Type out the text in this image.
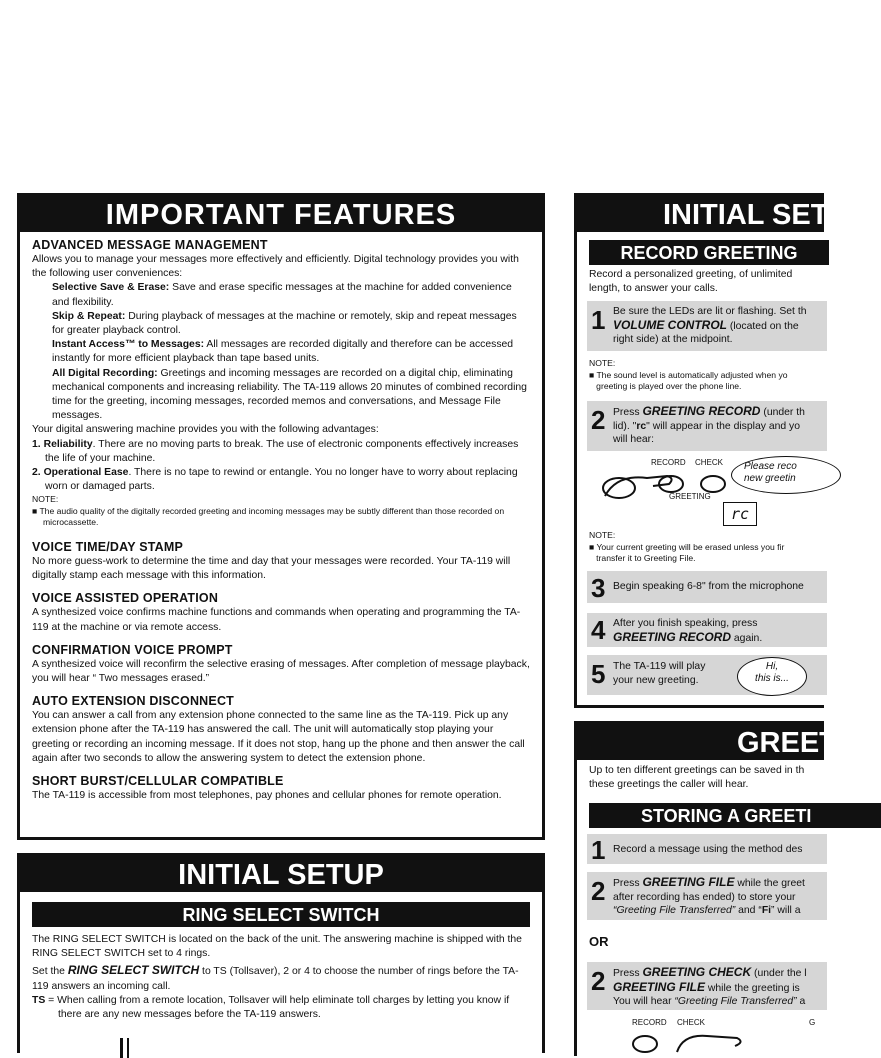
IMPORTANT FEATURES
ADVANCED MESSAGE MANAGEMENT

Allows you to manage your messages more effectively and efficiently. Digital technology provides you with the following user conveniences:

Selective Save & Erase: Save and erase specific messages at the machine for added convenience and flexibility.

Skip & Repeat: During playback of messages at the machine or remotely, skip and repeat messages for greater playback control.

Instant Access™ to Messages: All messages are recorded digitally and therefore can be accessed instantly for more efficient playback than tape based units.

All Digital Recording: Greetings and incoming messages are recorded on a digital chip, eliminating mechanical components and increasing reliability. The TA-119 allows 20 minutes of combined recording time for the greeting, incoming messages, recorded memos and conversations, and Message File messages.

Your digital answering machine provides you with the following advantages:

1. Reliability. There are no moving parts to break. The use of electronic components effectively increases the life of your machine.

2. Operational Ease. There is no tape to rewind or entangle. You no longer have to worry about replacing worn or damaged parts.

NOTE:

■ The audio quality of the digitally recorded greeting and incoming messages may be subtly different than those recorded on microcassette.

VOICE TIME/DAY STAMP

No more guess-work to determine the time and day that your messages were recorded. Your TA-119 will digitally stamp each message with this information.

VOICE ASSISTED OPERATION

A synthesized voice confirms machine functions and commands when operating and programming the TA-119 at the machine or via remote access.

CONFIRMATION VOICE PROMPT

A synthesized voice will reconfirm the selective erasing of messages. After completion of message playback, you will hear “ Two messages erased.”

AUTO EXTENSION DISCONNECT

You can answer a call from any extension phone connected to the same line as the TA-119. Pick up any extension phone after the TA-119 has answered the call. The unit will automatically stop playing your greeting or recording an incoming message. If it does not stop, hang up the phone and then answer the call again after two seconds to allow the answering system to detect the extension phone.

SHORT BURST/CELLULAR COMPATIBLE

The TA-119 is accessible from most telephones, pay phones and cellular phones for remote operation.

INITIAL SETUP
RING SELECT SWITCH

The RING SELECT SWITCH is located on the back of the unit. The answering machine is shipped with the RING SELECT SWITCH set to 4 rings.

Set the RING SELECT SWITCH to TS (Tollsaver), 2 or 4 to choose the number of rings before the TA-119 answers an incoming call.

TS = When calling from a remote location, Tollsaver will help eliminate toll charges by letting you know if there are any new messages before the TA-119 answers.

INITIAL SET
RECORD GREETING

Record a personalized greeting, of unlimited
length, to answer your calls.

1 Be sure the LEDs are lit or flashing. Set th
VOLUME CONTROL (located on the
right side) at the midpoint.

NOTE:
■ The sound level is automatically adjusted when yo
greeting is played over the phone line.

2 Press GREETING RECORD (under th
lid). "rc" will appear in the display and yo
will hear:
RECORD CHECK
GREETING
Please reco
new greetin
rc

NOTE:
■ Your current greeting will be erased unless you fir
transfer it to Greeting File.

3 Begin speaking 6-8" from the microphone
4 After you finish speaking, press
GREETING RECORD again.
5 The TA-119 will play
your new greeting.
Hi,
this is...
GREET

Up to ten different greetings can be saved in th
these greetings the caller will hear.

STORING A GREETI
1 Record a message using the method des
2 Press GREETING FILE while the greet
after recording has ended) to store your
“Greeting File Transferred” and “Fi” will a
OR
2 Press GREETING CHECK (under the l
GREETING FILE while the greeting is
You will hear “Greeting File Transferred” a
RECORD CHECK	G
